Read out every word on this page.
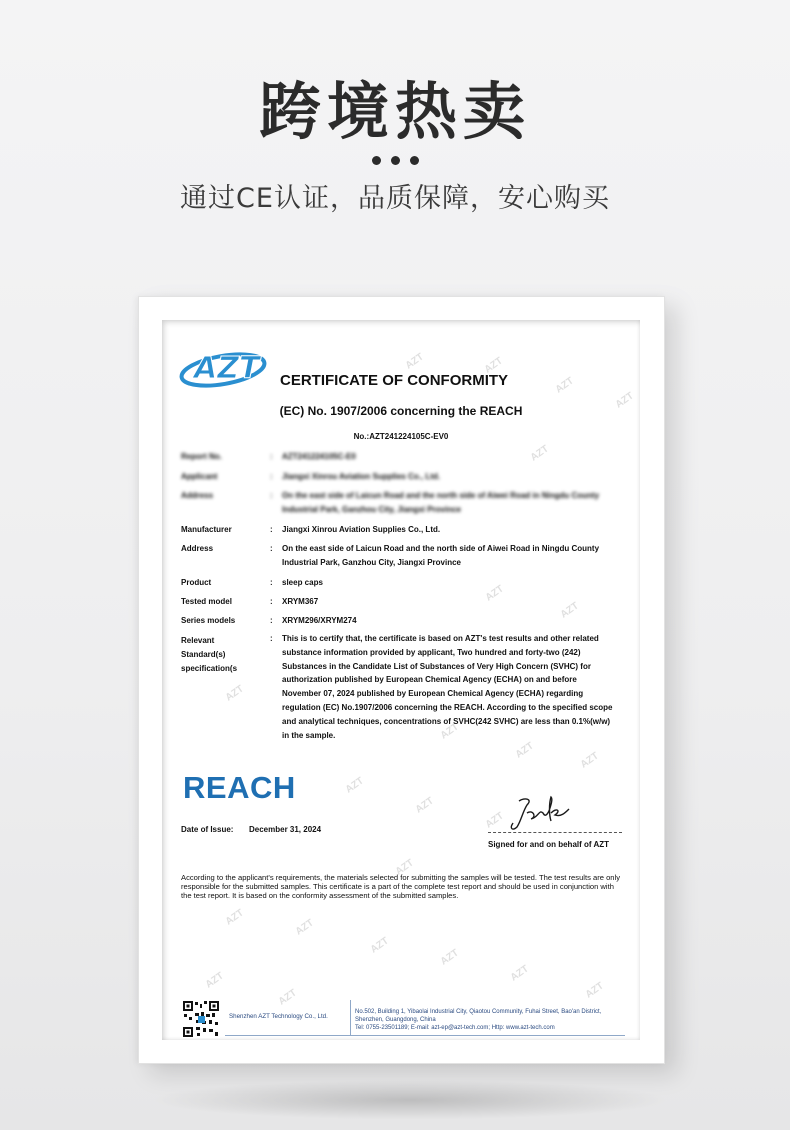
跨境热卖
通过CE认证，品质保障，安心购买
AZT	AZT
AZT
AZT
AZT
AZT
AZT
AZT
AZT
AZT	AZT
AZT
AZT
AZT
AZT
AZT	AZT
AZT
AZT
AZT
AZT
AZT
AZT
AZT CERTIFICATE OF CONFORMITY
(EC) No. 1907/2006 concerning the REACH
No.:AZT241224105C-EV0
Report No.	: AZT241224105C-E0
Applicant	: Jiangxi Xinrou Aviation Supplies Co., Ltd.
Address	: On the east side of Laicun Road and the north side of Aiwei Road in Ningdu County Industrial Park, Ganzhou City, Jiangxi Province
Manufacturer	: Jiangxi Xinrou Aviation Supplies Co., Ltd.
Address	: On the east side of Laicun Road and the north side of Aiwei Road in Ningdu County Industrial Park, Ganzhou City, Jiangxi Province
Product	: sleep caps
Tested model	: XRYM367
Series models	: XRYM296/XRYM274
Relevant
Standard(s)
specification(s
: This is to certify that, the certificate is based on AZT's test results and other related substance information provided by applicant, Two hundred and forty-two (242) Substances in the Candidate List of Substances of Very High Concern (SVHC) for authorization published by European Chemical Agency (ECHA) on and before November 07, 2024 published by European Chemical Agency (ECHA) regarding regulation (EC) No.1907/2006 concerning the REACH. According to the specified scope and analytical techniques, concentrations of SVHC(242 SVHC) are less than 0.1%(w/w) in the sample.
REACH
Signed for and on behalf of AZT
Date of Issue: December 31, 2024
According to the applicant's requirements, the materials selected for submitting the samples will be tested. The test results are only responsible for the submitted samples. This certificate is a part of the complete test report and should be used in conjunction with the test report. It is based on the conformity assessment of the submitted samples.
Shenzhen AZT Technology Co., Ltd.
No.502, Building 1, Yibaolai Industrial City, Qiaotou Community, Fuhai Street, Bao'an District, Shenzhen, Guangdong, China
Tel: 0755-23501189; E-mail: azt-ep@azt-tech.com; Http: www.azt-tech.com
